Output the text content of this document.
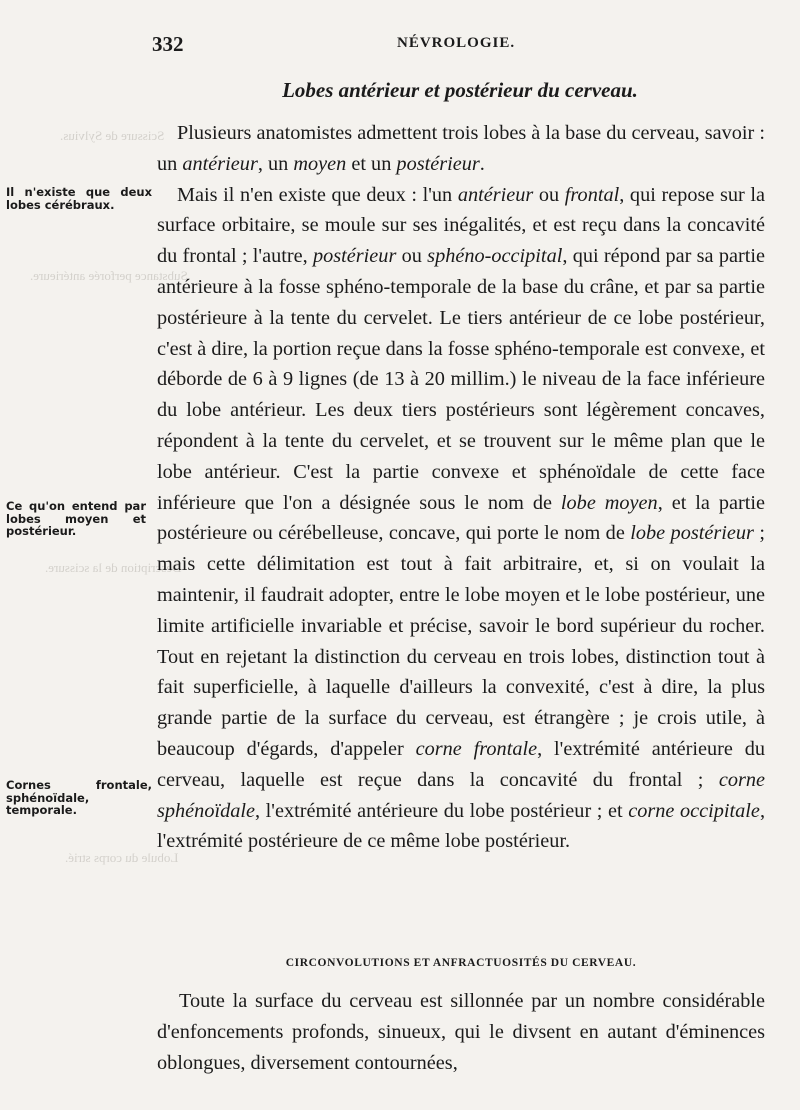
Scissure de Sylvius.
Substance perforée antérieure.
Description de la scissure.
Lobule du corps strié.
332	NÉVROLOGIE.
Lobes antérieur et postérieur du cerveau.
Il n'existe que deux lobes cérébraux.
Ce qu'on entend par lobes moyen et postérieur.
Cornes frontale, sphénoïdale, temporale.

Plusieurs anatomistes admettent trois lobes à la base du cerveau, savoir : un antérieur, un moyen et un postérieur.

Mais il n'en existe que deux : l'un antérieur ou frontal, qui repose sur la surface orbitaire, se moule sur ses inégalités, et est reçu dans la concavité du frontal ; l'autre, postérieur ou sphéno-occipital, qui répond par sa partie antérieure à la fosse sphéno-temporale de la base du crâne, et par sa partie postérieure à la tente du cervelet. Le tiers antérieur de ce lobe postérieur, c'est à dire, la portion reçue dans la fosse sphéno-temporale est convexe, et déborde de 6 à 9 lignes (de 13 à 20 millim.) le niveau de la face inférieure du lobe antérieur. Les deux tiers postérieurs sont légèrement concaves, répondent à la tente du cervelet, et se trouvent sur le même plan que le lobe antérieur. C'est la partie convexe et sphénoïdale de cette face inférieure que l'on a désignée sous le nom de lobe moyen, et la partie postérieure ou cérébelleuse, concave, qui porte le nom de lobe postérieur ; mais cette délimitation est tout à fait arbitraire, et, si on voulait la maintenir, il faudrait adopter, entre le lobe moyen et le lobe postérieur, une limite artificielle invariable et précise, savoir le bord supérieur du rocher. Tout en rejetant la distinction du cerveau en trois lobes, distinction tout à fait superficielle, à laquelle d'ailleurs la convexité, c'est à dire, la plus grande partie de la surface du cerveau, est étrangère ; je crois utile, à beaucoup d'égards, d'appeler corne frontale, l'extrémité antérieure du cerveau, laquelle est reçue dans la concavité du frontal ; corne sphénoïdale, l'extrémité antérieure du lobe postérieur ; et corne occipitale, l'extrémité postérieure de ce même lobe postérieur.

CIRCONVOLUTIONS ET ANFRACTUOSITÉS DU CERVEAU.

Toute la surface du cerveau est sillonnée par un nombre considérable d'enfoncements profonds, sinueux, qui le divsent en autant d'éminences oblongues, diversement contournées,
